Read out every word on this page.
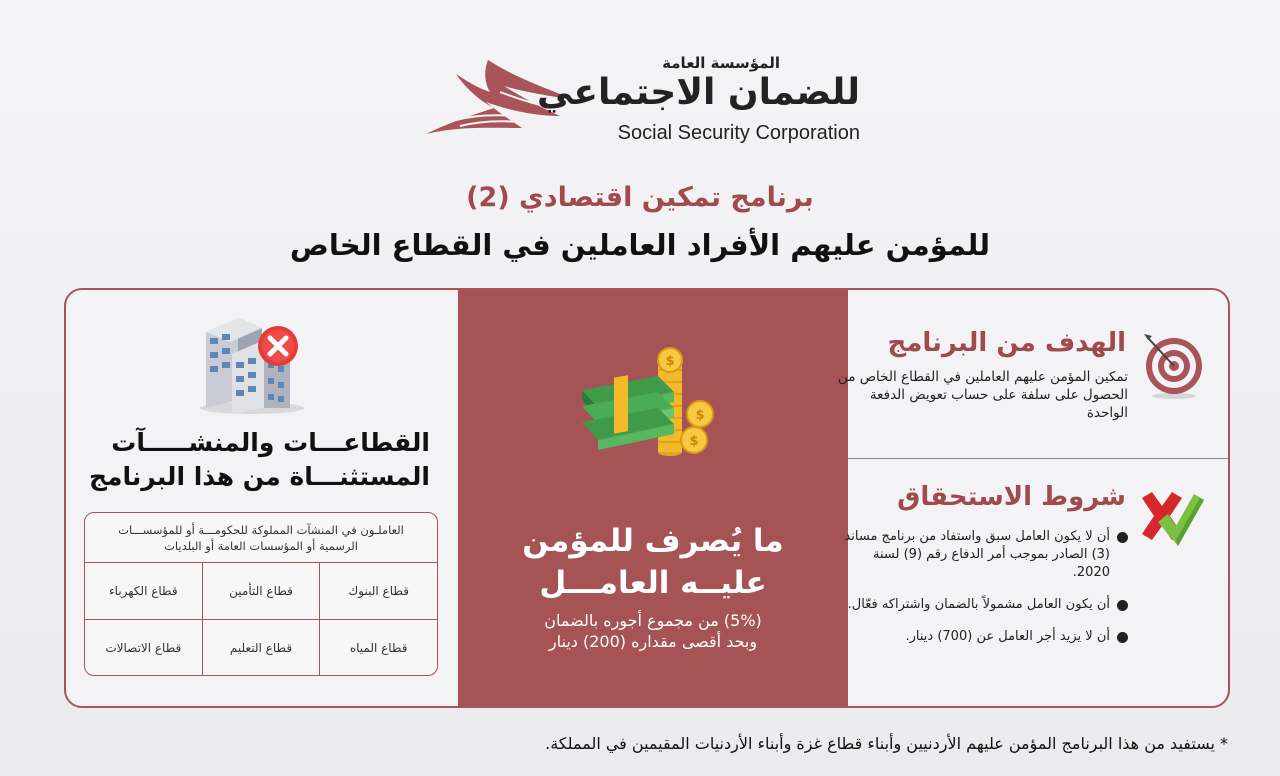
المؤسسة العامة
للضمان الاجتماعي
Social Security Corporation
برنامج تمكين اقتصادي (2)
للمؤمن عليهم الأفراد العاملين في القطاع الخاص
القطاعـــات والمنشـــــآت
المستثنـــاة من هذا البرنامج
العاملـون في المنشآت المملوكة للحكومـــة أو للمؤسســـات الرسمية أو المؤسسات العامة أو البلديات
قطاع البنوك
قطاع التأمين
قطاع الكهرباء
قطاع المياه
قطاع التعليم
قطاع الاتصالات
$
$
$
ما يُصرف للمؤمن
عليــه العامـــل
(5%) من مجموع أجوره بالضمان
وبحد أقصى مقداره (200) دينار
الهدف من البرنامج
تمكين المؤمن عليهم العاملين في القطاع الخاص من الحصول على سلفة على حساب تعويض الدفعة الواحدة
شروط الاستحقاق
أن لا يكون العامل سبق واستفاد من برنامج مساند (3) الصادر بموجب أمر الدفاع رقم (9) لسنة 2020.
أن يكون العامل مشمولاً بالضمان واشتراكه فعّال.
أن لا يزيد أجر العامل عن (700) دينار.
* يستفيد من هذا البرنامج المؤمن عليهم الأردنيين وأبناء قطاع غزة وأبناء الأردنيات المقيمين في المملكة.
